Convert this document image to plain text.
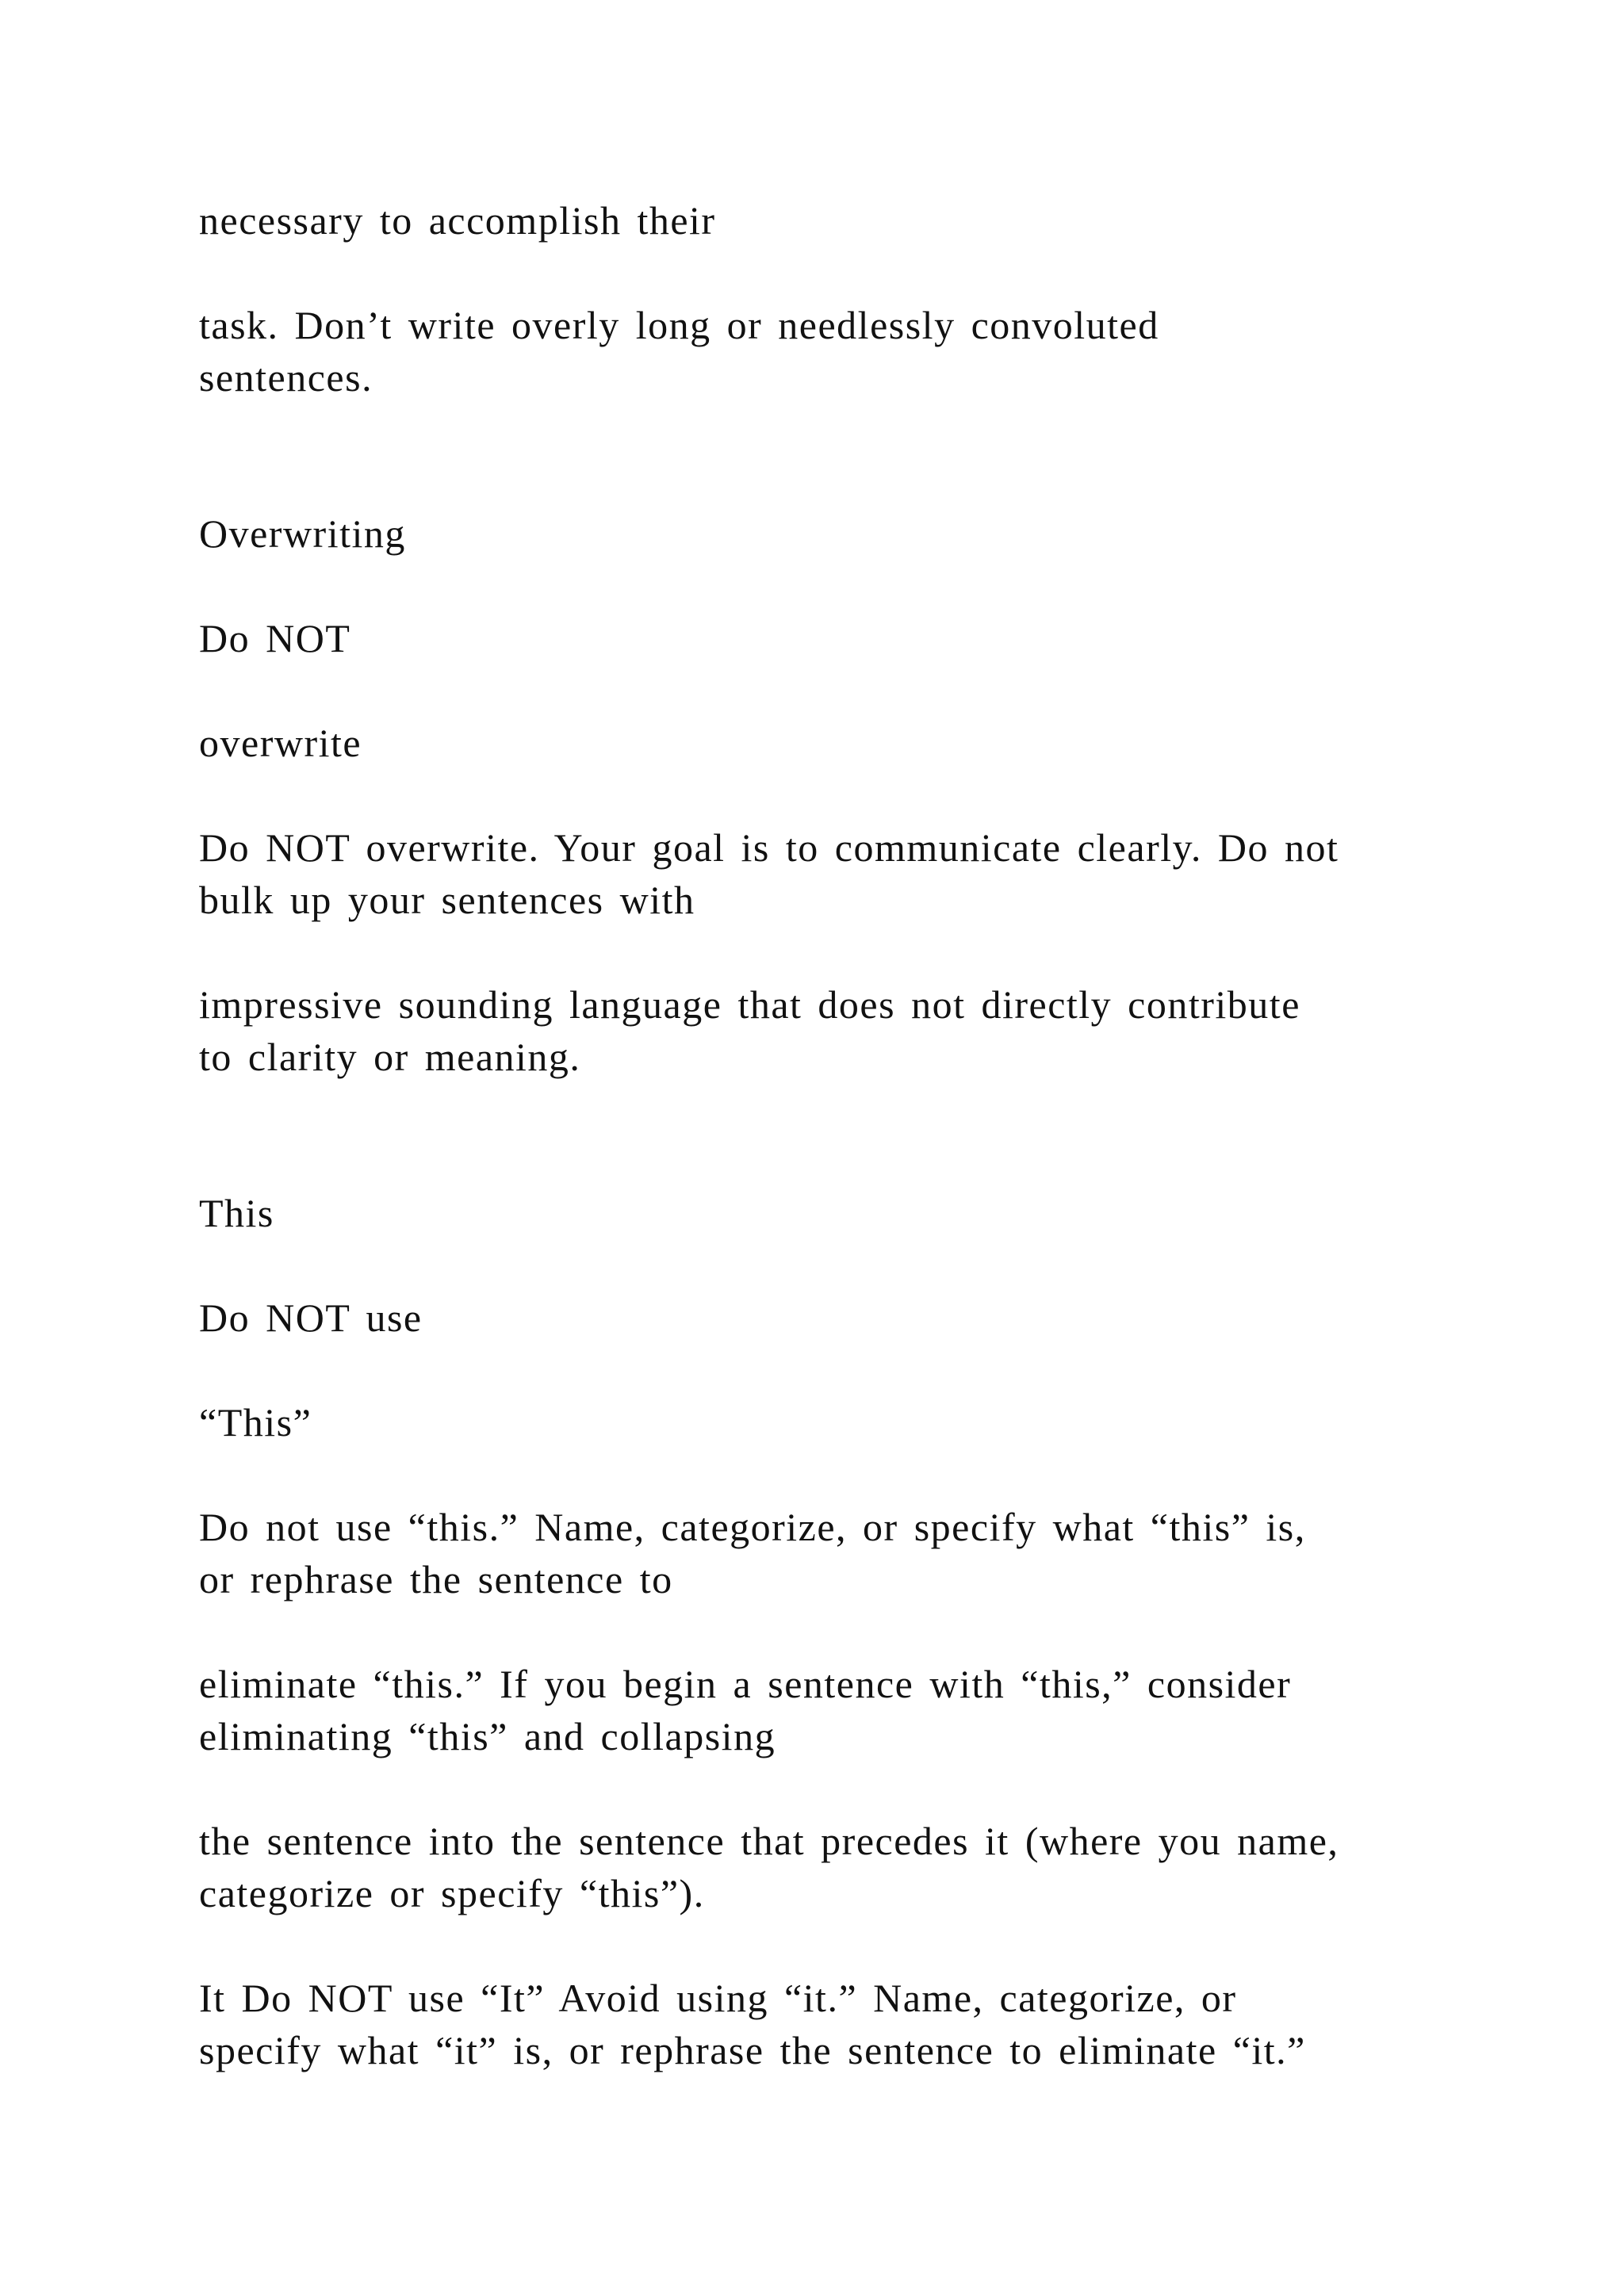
necessary to accomplish their

task. Don’t write overly long or needlessly convoluted

sentences.

Overwriting

Do NOT

overwrite

Do NOT overwrite. Your goal is to communicate clearly. Do not

bulk up your sentences with

impressive sounding language that does not directly contribute

to clarity or meaning.

This

Do NOT use

“This”

Do not use “this.” Name, categorize, or specify what “this” is,

or rephrase the sentence to

eliminate “this.” If you begin a sentence with “this,” consider

eliminating “this” and collapsing

the sentence into the sentence that precedes it (where you name,

categorize or specify “this”).

It Do NOT use “It” Avoid using “it.” Name, categorize, or

specify what “it” is, or rephrase the sentence to eliminate “it.”
